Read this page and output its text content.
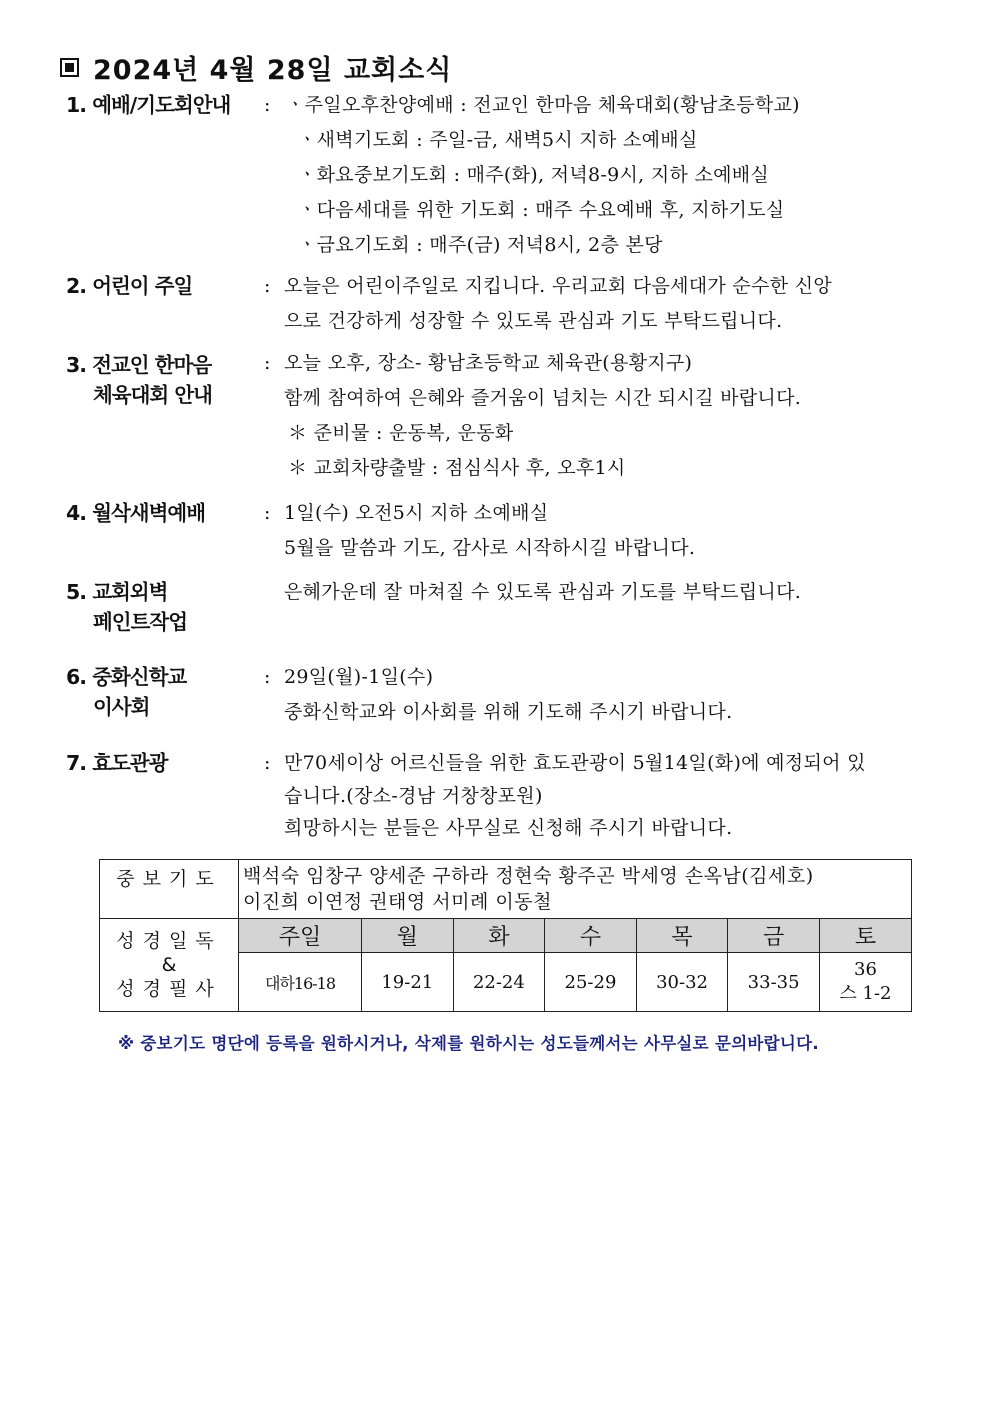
2024년 4월 28일 교회소식
1. 예배/기도회안내 : ㆍ주일오후찬양예배 : 전교인 한마음 체육대회(황남초등학교)
ㆍ새벽기도회 : 주일-금, 새벽5시 지하 소예배실
ㆍ화요중보기도회 : 매주(화), 저녁8-9시, 지하 소예배실
ㆍ다음세대를 위한 기도회 : 매주 수요예배 후, 지하기도실
ㆍ금요기도회 : 매주(금) 저녁8시, 2층 본당
2. 어린이 주일	: 오늘은 어린이주일로 지킵니다. 우리교회 다음세대가 순수한 신앙
으로 건강하게 성장할 수 있도록 관심과 기도 부탁드립니다.
3. 전교인 한마음
체육대회 안내
: 오늘 오후, 장소- 황남초등학교 체육관(용황지구)
함께 참여하여 은혜와 즐거움이 넘치는 시간 되시길 바랍니다.
＊ 준비물 : 운동복, 운동화
＊ 교회차량출발 : 점심식사 후, 오후1시
4. 월삭새벽예배	: 1일(수) 오전5시 지하 소예배실
5월을 말씀과 기도, 감사로 시작하시길 바랍니다.
5. 교회외벽
페인트작업
은혜가운데 잘 마쳐질 수 있도록 관심과 기도를 부탁드립니다.
6. 중화신학교
이사회
: 29일(월)-1일(수)
중화신학교와 이사회를 위해 기도해 주시기 바랍니다.
7. 효도관광	: 만70세이상 어르신들을 위한 효도관광이 5월14일(화)에 예정되어 있
습니다.(장소-경남 거창창포원)
희망하시는 분들은 사무실로 신청해 주시기 바랍니다.
중보기도	백석숙 임창구 양세준 구하라 정현숙 황주곤 박세영 손옥남(김세호)
이진희 이연정 권태영 서미례 이동철						

성경일독
&
성경필사	주일	월	화	수	목	금	토
	대하16-18	19-21	22-24	25-29	30-32	33-35	36
스 1-2
※ 중보기도 명단에 등록을 원하시거나, 삭제를 원하시는 성도들께서는 사무실로 문의바랍니다.
